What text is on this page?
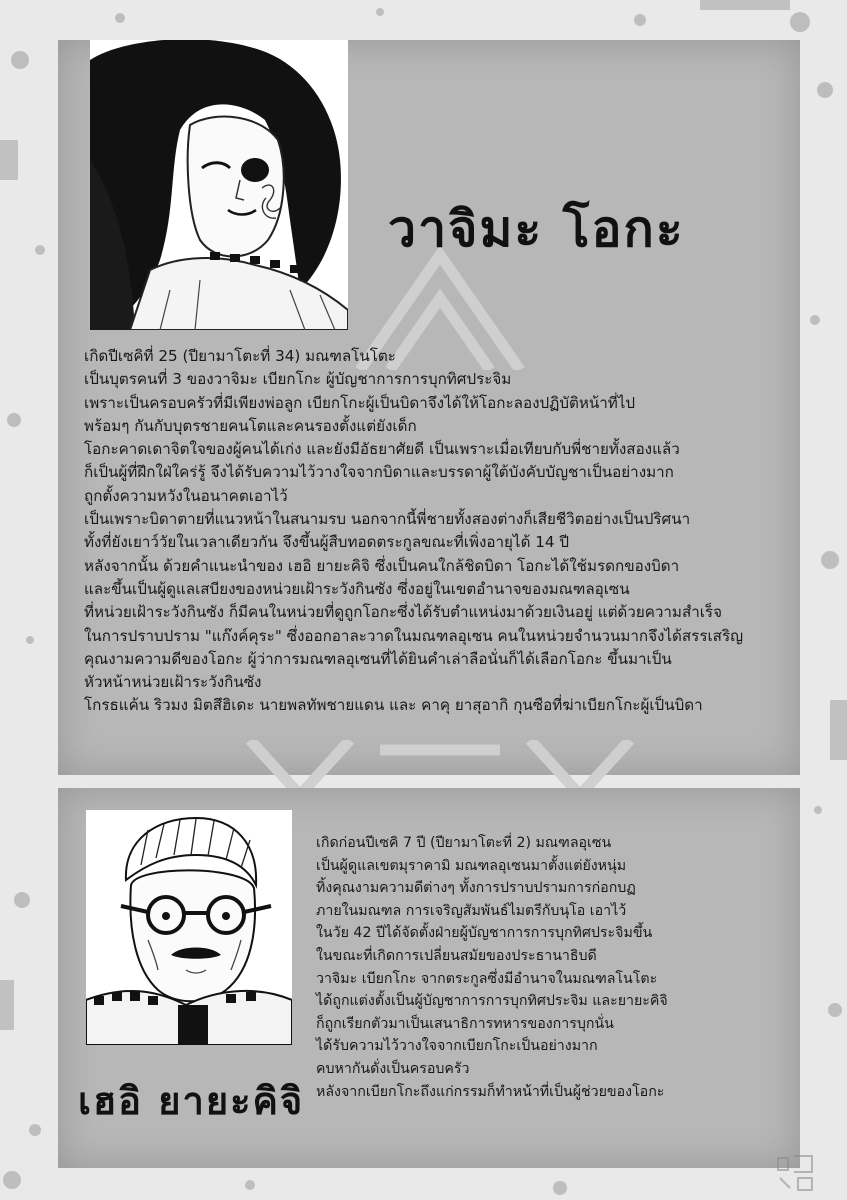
วาจิมะ โอกะ
เกิดปีเซคิที่ 25 (ปียามาโตะที่ 34) มณฑลโนโตะ
เป็นบุตรคนที่ 3 ของวาจิมะ เบียกโกะ ผู้บัญชาการการบุกทิศประจิม
เพราะเป็นครอบครัวที่มีเพียงพ่อลูก เบียกโกะผู้เป็นบิดาจึงได้ให้โอกะลองปฏิบัติหน้าที่ไป
พร้อมๆ กันกับบุตรชายคนโตและคนรองตั้งแต่ยังเด็ก
โอกะคาดเดาจิตใจของผู้คนได้เก่ง และยังมีอัธยาศัยดี เป็นเพราะเมื่อเทียบกับพี่ชายทั้งสองแล้ว
ก็เป็นผู้ที่ฝึกใฝ่ใคร่รู้ จึงได้รับความไว้วางใจจากบิดาและบรรดาผู้ใต้บังคับบัญชาเป็นอย่างมาก
ถูกตั้งความหวังในอนาคตเอาไว้
เป็นเพราะบิดาตายที่แนวหน้าในสนามรบ นอกจากนี้พี่ชายทั้งสองต่างก็เสียชีวิตอย่างเป็นปริศนา
ทั้งที่ยังเยาว์วัยในเวลาเดียวกัน จึงขึ้นผู้สืบทอดตระกูลขณะที่เพิ่งอายุได้ 14 ปี
หลังจากนั้น ด้วยคำแนะนำของ เฮอิ ยายะคิจิ ซึ่งเป็นคนใกล้ชิดบิดา โอกะได้ใช้มรดกของบิดา
และขึ้นเป็นผู้ดูแลเสบียงของหน่วยเฝ้าระวังกินซัง ซึ่งอยู่ในเขตอำนาจของมณฑลอุเซน
ที่หน่วยเฝ้าระวังกินซัง ก็มีคนในหน่วยที่ดูถูกโอกะซึ่งได้รับตำแหน่งมาด้วยเงินอยู่ แต่ด้วยความสำเร็จ
ในการปราบปราม "แก๊งค์คุระ" ซึ่งออกอาละวาดในมณฑลอุเซน คนในหน่วยจำนวนมากจึงได้สรรเสริญ
คุณงามความดีของโอกะ ผู้ว่าการมณฑลอุเซนที่ได้ยินคำเล่าลือนั่นก็ได้เลือกโอกะ ขึ้นมาเป็น
หัวหน้าหน่วยเฝ้าระวังกินซัง
โกรธแค้น ริวมง มิตสึฮิเดะ นายพลทัพชายแดน และ คาคุ ยาสุอากิ กุนซือที่ฆ่าเบียกโกะผู้เป็นบิดา
เฮอิ ยายะคิจิ
เกิดก่อนปีเซคิ 7 ปี (ปียามาโตะที่ 2) มณฑลอุเซน
เป็นผู้ดูแลเขตมุราคามิ มณฑลอุเซนมาตั้งแต่ยังหนุ่ม
ทิ้งคุณงามความดีต่างๆ ทั้งการปราบปรามการก่อกบฏ
ภายในมณฑล การเจริญสัมพันธ์ไมตรีกับนุโอ เอาไว้
ในวัย 42 ปีได้จัดตั้งฝ่ายผู้บัญชาการการบุกทิศประจิมขึ้น
ในขณะที่เกิดการเปลี่ยนสมัยของประธานาธิบดี
วาจิมะ เบียกโกะ จากตระกูลซึ่งมีอำนาจในมณฑลโนโตะ
ได้ถูกแต่งตั้งเป็นผู้บัญชาการการบุกทิศประจิม และยายะคิจิ
ก็ถูกเรียกตัวมาเป็นเสนาธิการทหารของการบุกนั่น
ได้รับความไว้วางใจจากเบียกโกะเป็นอย่างมาก
คบหากันดั่งเป็นครอบครัว
หลังจากเบียกโกะถึงแก่กรรมก็ทำหน้าที่เป็นผู้ช่วยของโอกะ
